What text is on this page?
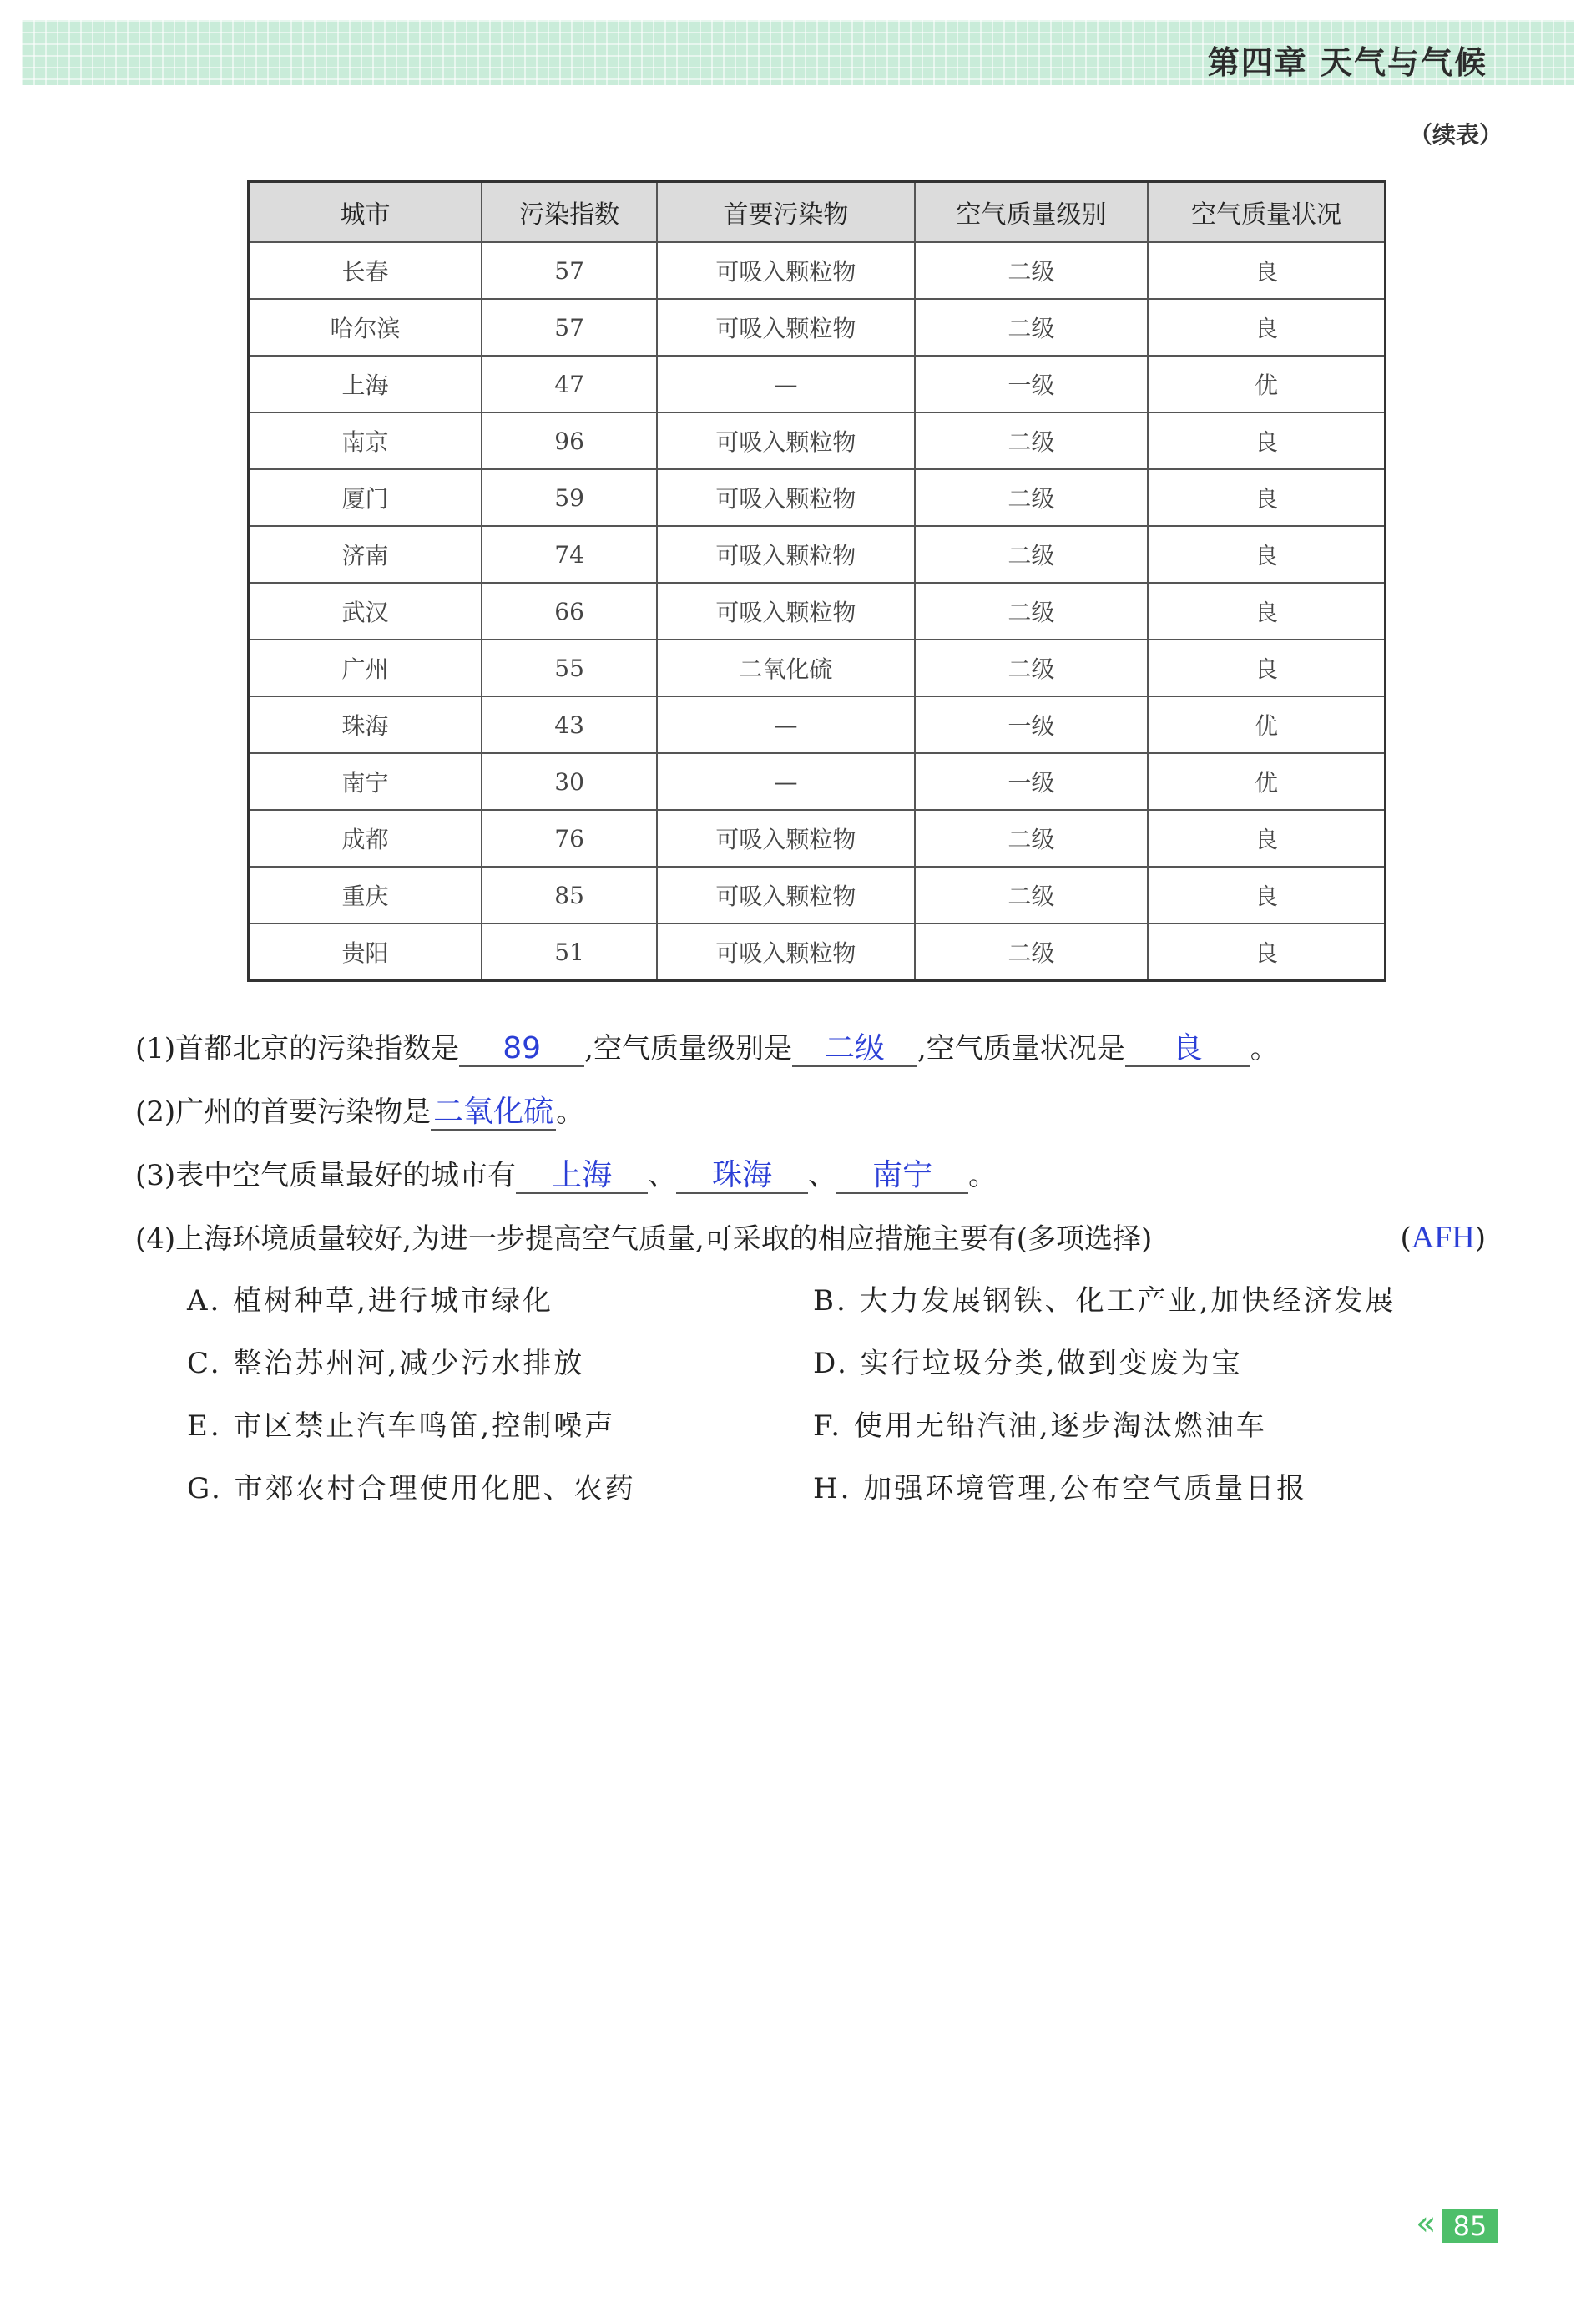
第四章 天气与气候
（续表）
城市	污染指数	首要污染物	空气质量级别	空气质量状况
长春	57	可吸入颗粒物	二级	良
哈尔滨	57	可吸入颗粒物	二级	良
上海	47	—	一级	优
南京	96	可吸入颗粒物	二级	良
厦门	59	可吸入颗粒物	二级	良
济南	74	可吸入颗粒物	二级	良
武汉	66	可吸入颗粒物	二级	良
广州	55	二氧化硫	二级	良
珠海	43	—	一级	优
南宁	30	—	一级	优
成都	76	可吸入颗粒物	二级	良
重庆	85	可吸入颗粒物	二级	良
贵阳	51	可吸入颗粒物	二级	良
(1)首都北京的污染指数是 89 ,空气质量级别是 二级 ,空气质量状况是 良 。
(2)广州的首要污染物是二氧化硫。
(3)表中空气质量最好的城市有 上海 、 珠海 、 南宁 。
(4)上海环境质量较好,为进一步提高空气质量,可采取的相应措施主要有(多项选择)	(AFH)
A. 植树种草,进行城市绿化	B. 大力发展钢铁、化工产业,加快经济发展
C. 整治苏州河,减少污水排放	D. 实行垃圾分类,做到变废为宝
E. 市区禁止汽车鸣笛,控制噪声	F. 使用无铅汽油,逐步淘汰燃油车
G. 市郊农村合理使用化肥、农药	H. 加强环境管理,公布空气质量日报
« 85
